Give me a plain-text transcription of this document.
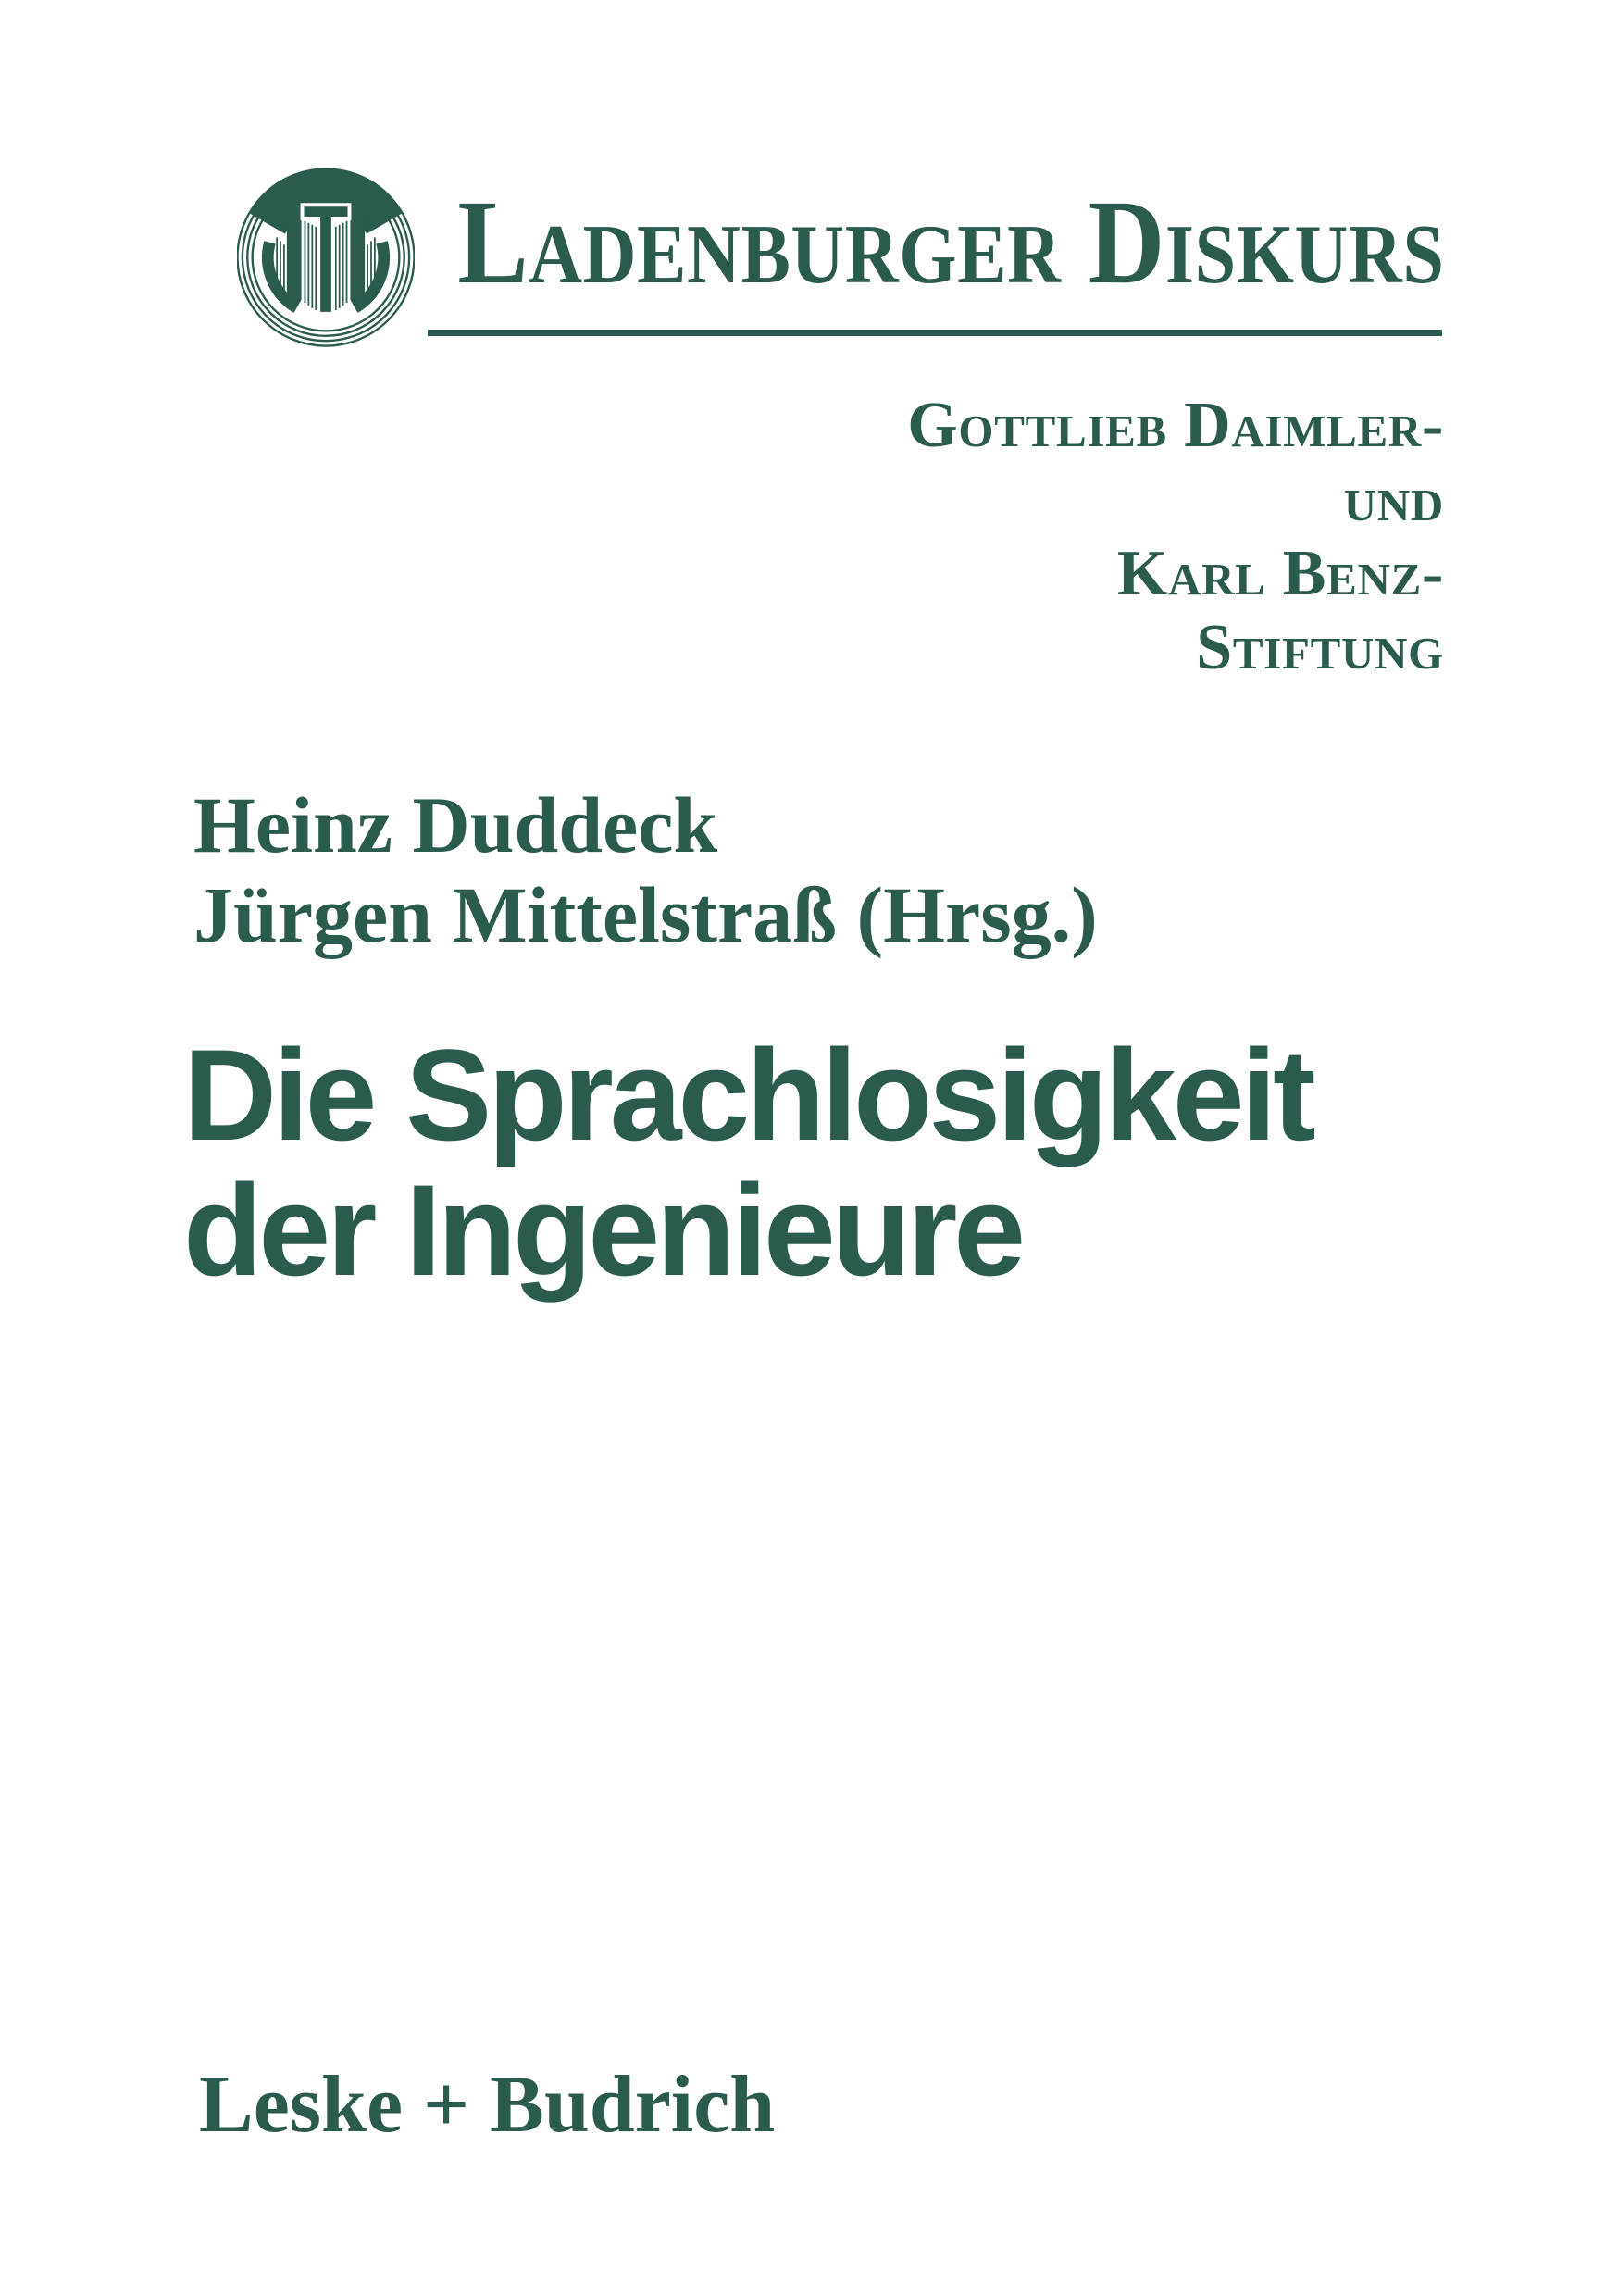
Ladenburger Diskurs
Gottlieb Daimler-
und
Karl Benz-
Stiftung
Heinz Duddeck
Jürgen Mittelstraß (Hrsg.)
Die Sprachlosigkeit
der Ingenieure
Leske + Budrich
